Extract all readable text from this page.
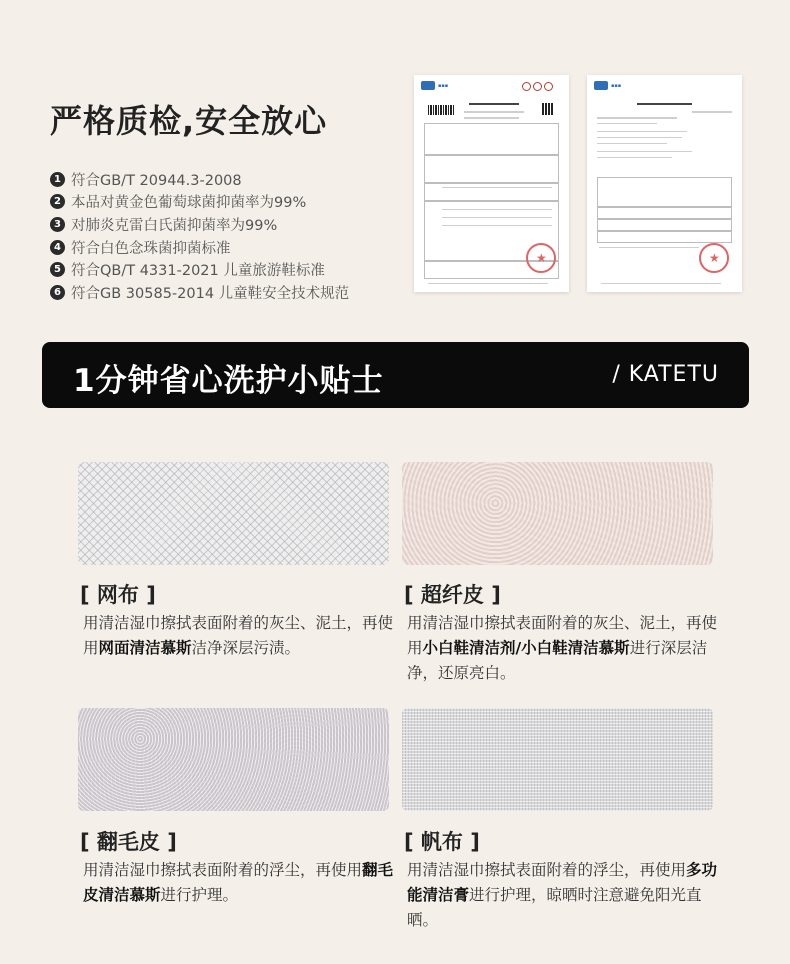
严格质检,安全放心
1 符合GB/T 20944.3-2008
2 本品对黄金色葡萄球菌抑菌率为99%
3 对肺炎克雷白氏菌抑菌率为99%
4 符合白色念珠菌抑菌标准
5 符合QB/T 4331-2021 儿童旅游鞋标准
6 符合GB 30585-2014 儿童鞋安全技术规范
▪▪▪
★
▪▪▪
★
1分钟省心洗护小贴士	/ KATETU
[ 网布 ]
用清洁湿巾擦拭表面附着的灰尘、泥土，再使用网面清洁慕斯洁净深层污渍。
[ 超纤皮 ]
用清洁湿巾擦拭表面附着的灰尘、泥土，再使用小白鞋清洁剂/小白鞋清洁慕斯进行深层洁净，还原亮白。
[ 翻毛皮 ]
用清洁湿巾擦拭表面附着的浮尘，再使用翻毛皮清洁慕斯进行护理。
[ 帆布 ]
用清洁湿巾擦拭表面附着的浮尘，再使用多功能清洁膏进行护理，晾晒时注意避免阳光直晒。
